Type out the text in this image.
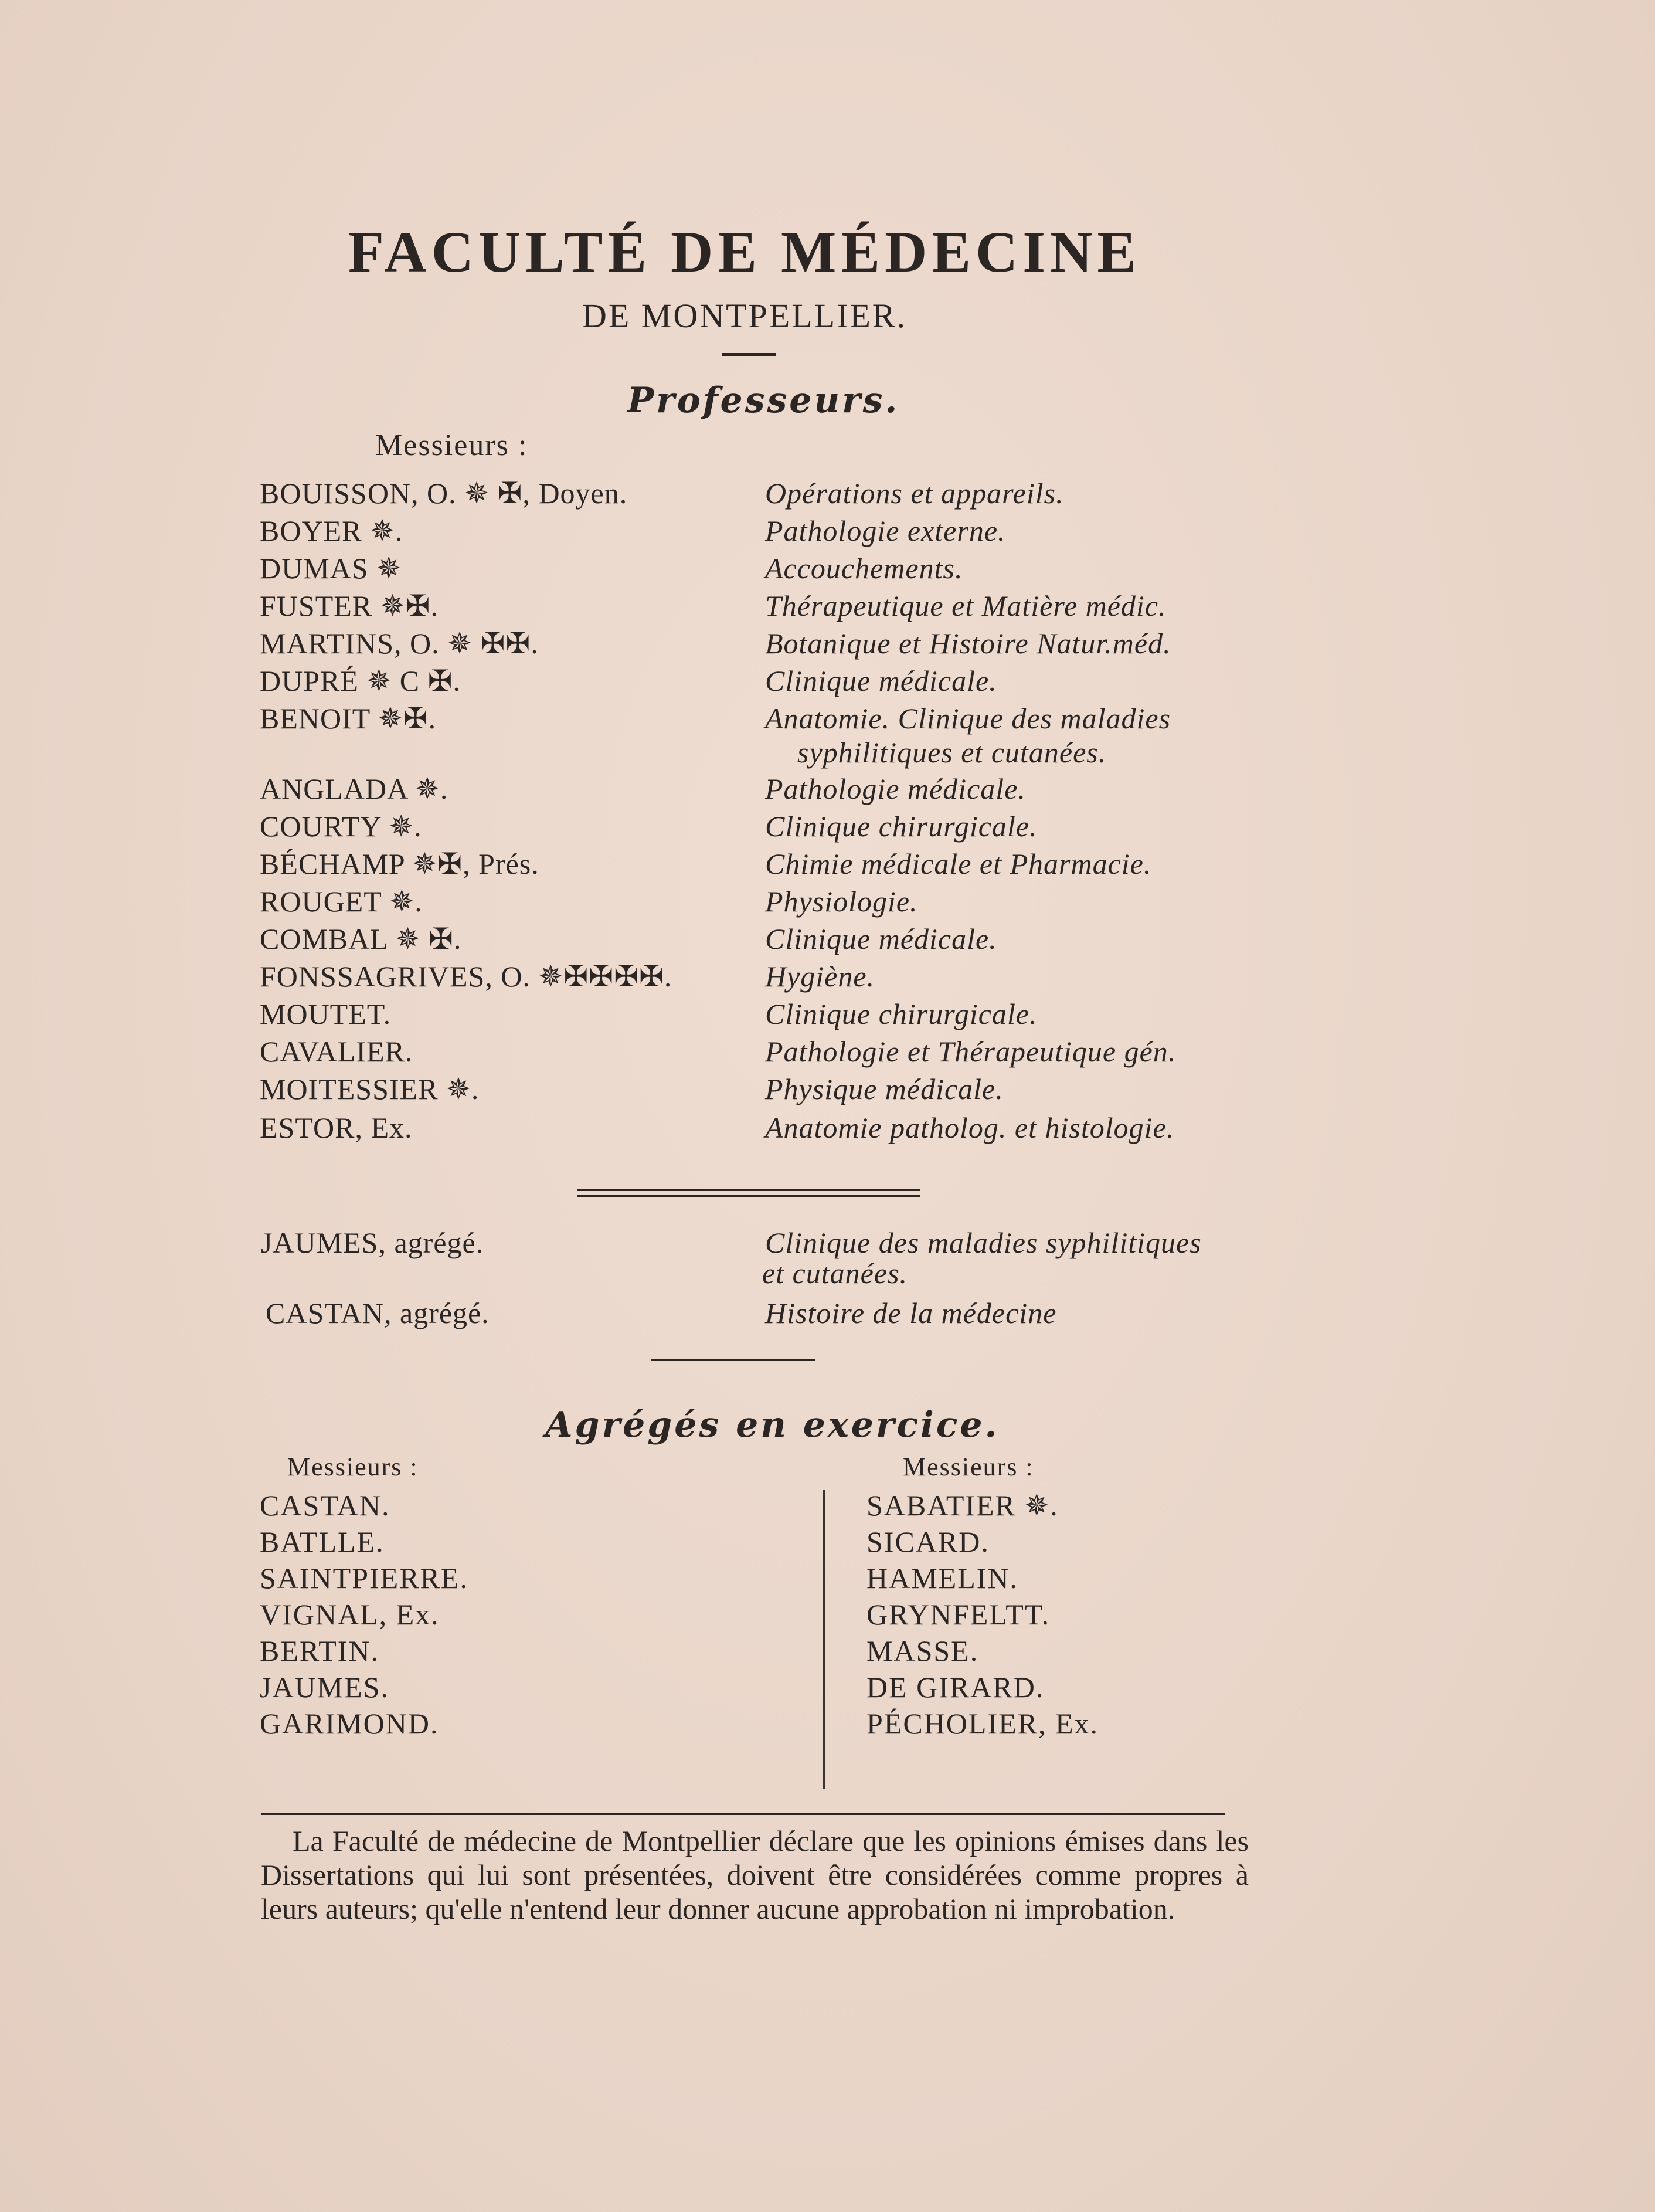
FACULTÉ DE MÉDECINE
DE MONTPELLIER.
Professeurs.
Messieurs :
BOUISSON, O. ✵ ✠, Doyen.	Opérations et appareils.
BOYER ✵.	Pathologie externe.
DUMAS ✵	Accouchements.
FUSTER ✵✠.	Thérapeutique et Matière médic.
MARTINS, O. ✵ ✠✠.	Botanique et Histoire Natur.méd.
DUPRÉ ✵ C ✠.	Clinique médicale.
BENOIT ✵✠.	Anatomie. Clinique des maladies
syphilitiques et cutanées.
ANGLADA ✵.	Pathologie médicale.
COURTY ✵.	Clinique chirurgicale.
BÉCHAMP ✵✠, Prés.	Chimie médicale et Pharmacie.
ROUGET ✵.	Physiologie.
COMBAL ✵ ✠.	Clinique médicale.
FONSSAGRIVES, O. ✵✠✠✠✠.	Hygiène.
MOUTET.	Clinique chirurgicale.
CAVALIER.	Pathologie et Thérapeutique gén.
MOITESSIER ✵.	Physique médicale.
ESTOR, Ex.	Anatomie patholog. et histologie.
JAUMES, agrégé.	Clinique des maladies syphilitiques
et cutanées.
CASTAN, agrégé.	Histoire de la médecine
Agrégés en exercice.
Messieurs :	Messieurs :
CASTAN.
BATLLE.
SAINTPIERRE.
VIGNAL, Ex.
BERTIN.
JAUMES.
GARIMOND.
SABATIER ✵.
SICARD.
HAMELIN.
GRYNFELTT.
MASSE.
DE GIRARD.
PÉCHOLIER, Ex.
La Faculté de médecine de Montpellier déclare que les opinions émises dans les Dissertations qui lui sont présentées, doivent être considérées comme propres à leurs auteurs; qu'elle n'entend leur donner aucune approbation ni improbation.
